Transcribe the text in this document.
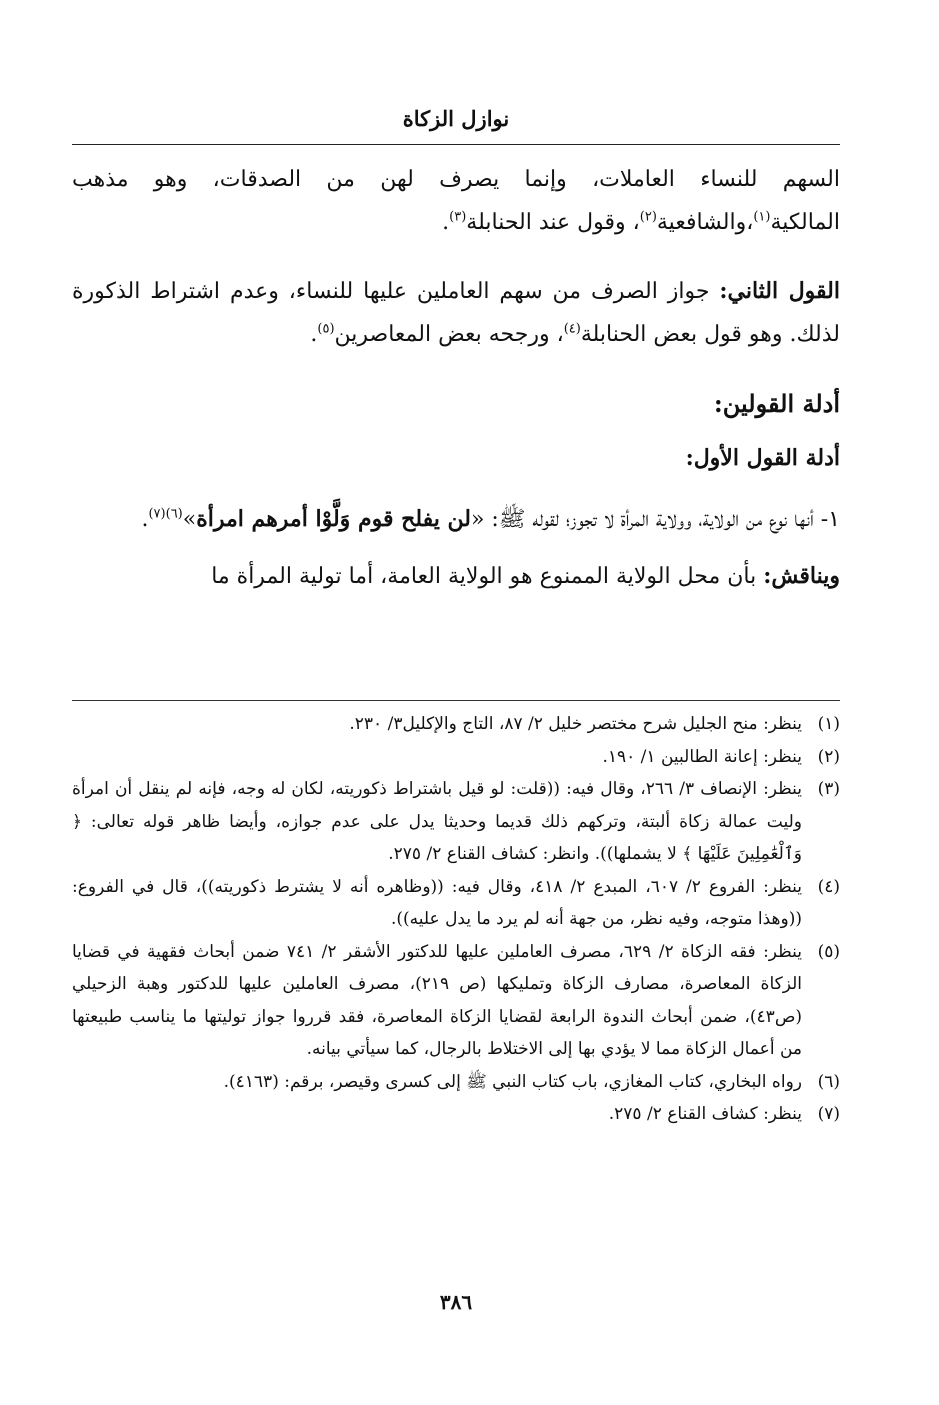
نوازل الزكاة

السهم للنساء العاملات، وإنما يصرف لهن من الصدقات، وهو مذهب المالكية$^{(١)}$،والشافعية$^{(٢)}$، وقول عند الحنابلة$^{(٣)}$.

القول الثاني: جواز الصرف من سهم العاملين عليها للنساء، وعدم اشتراط الذكورة لذلك. وهو قول بعض الحنابلة$^{(٤)}$، ورجحه بعض المعاصرين$^{(٥)}$.

أدلة القولين:
أدلة القول الأول:

١- أنها نوع من الولاية، وولاية المرأة لا تجوز؛ لقوله ﷺ: «لن يفلح قوم وَلَّوْا أمرهم امرأة»$^{(٦)(٧)}$.

ويناقش: بأن محل الولاية الممنوع هو الولاية العامة، أما تولية المرأة ما

(١)
ينظر: منح الجليل شرح مختصر خليل ٢/ ٨٧، التاج والإكليل٣/ ٢٣٠.

(٢)
ينظر: إعانة الطالبين ١/ ١٩٠.

(٣)
ينظر: الإنصاف ٣/ ٢٦٦، وقال فيه: ((قلت: لو قيل باشتراط ذكوريته، لكان له وجه، فإنه لم ينقل أن امرأة وليت عمالة زكاة ألبتة، وتركهم ذلك قديما وحديثا يدل على عدم جوازه، وأيضا ظاهر قوله تعالى: ﴿ وَٱلْعَٰمِلِينَ عَلَيْهَا ﴾ لا يشملها)). وانظر: كشاف القناع ٢/ ٢٧٥.

(٤)
ينظر: الفروع ٢/ ٦٠٧، المبدع ٢/ ٤١٨، وقال فيه: ((وظاهره أنه لا يشترط ذكوريته))، قال في الفروع: ((وهذا متوجه، وفيه نظر، من جهة أنه لم يرد ما يدل عليه)).

(٥)
ينظر: فقه الزكاة ٢/ ٦٢٩، مصرف العاملين عليها للدكتور الأشقر ٢/ ٧٤١ ضمن أبحاث فقهية في قضايا الزكاة المعاصرة، مصارف الزكاة وتمليكها (ص ٢١٩)، مصرف العاملين عليها للدكتور وهبة الزحيلي (ص٤٣)، ضمن أبحاث الندوة الرابعة لقضايا الزكاة المعاصرة، فقد قرروا جواز توليتها ما يناسب طبيعتها من أعمال الزكاة مما لا يؤدي بها إلى الاختلاط بالرجال، كما سيأتي بيانه.

(٦)
رواه البخاري، كتاب المغازي، باب كتاب النبي ﷺ إلى كسرى وقيصر، برقم: (٤١٦٣).

(٧)
ينظر: كشاف القناع ٢/ ٢٧٥.

٣٨٦
